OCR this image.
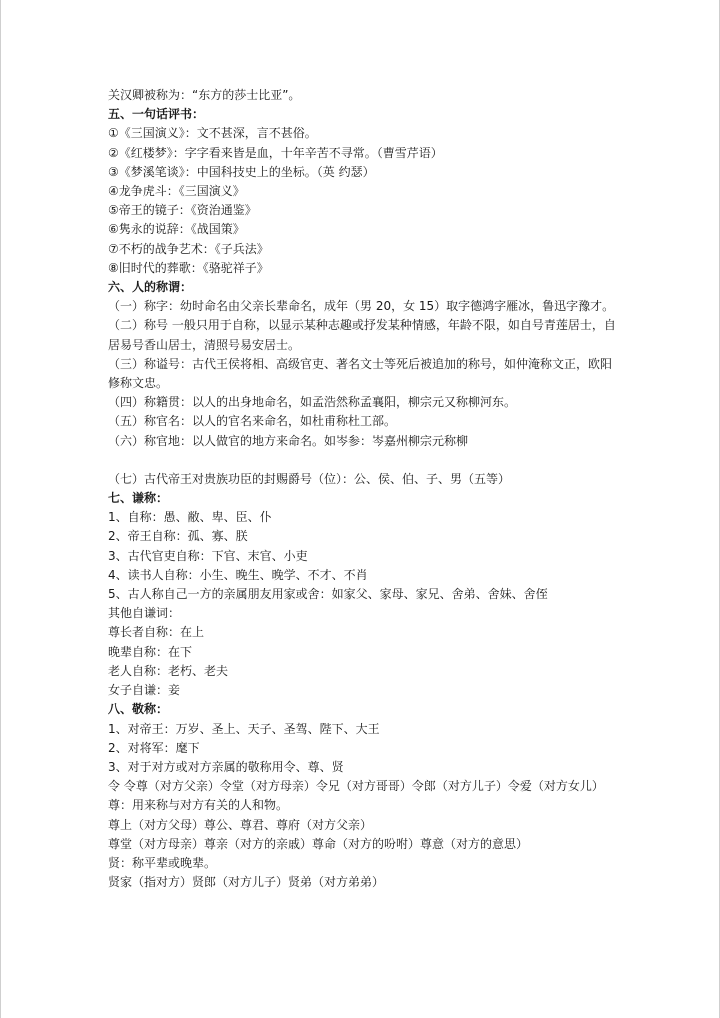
关汉卿被称为：“东方的莎士比亚”。
五、一句话评书：
①《三国演义》：文不甚深，言不甚俗。
②《红楼梦》：字字看来皆是血，十年辛苦不寻常。（曹雪芹语）
③《梦溪笔谈》：中国科技史上的坐标。（英 约瑟）
④龙争虎斗：《三国演义》
⑤帝王的镜子：《资治通鉴》
⑥隽永的说辞：《战国策》
⑦不朽的战争艺术：《子兵法》
⑧旧时代的葬歌：《骆驼祥子》
六、人的称谓：
（一）称字：幼时命名由父亲长辈命名，成年（男 20，女 15）取字德鸿字雁冰，鲁迅字豫才。
（二）称号 一般只用于自称，以显示某种志趣或抒发某种情感，年龄不限，如自号青莲居士，自居易号香山居士，清照号易安居士。
（三）称谥号：古代王侯将相、高级官吏、著名文士等死后被追加的称号，如仲淹称文正，欧阳修称文忠。
（四）称籍贯：以人的出身地命名，如孟浩然称孟襄阳，柳宗元又称柳河东。
（五）称官名：以人的官名来命名，如杜甫称杜工部。
（六）称官地：以人做官的地方来命名。如岑参：岑嘉州柳宗元称柳
（七）古代帝王对贵族功臣的封赐爵号（位）：公、侯、伯、子、男（五等）
七、谦称：
1、自称：愚、敝、卑、臣、仆
2、帝王自称：孤、寡、朕
3、古代官吏自称：下官、末官、小吏
4、读书人自称：小生、晚生、晚学、不才、不肖
5、古人称自己一方的亲属朋友用家或舍：如家父、家母、家兄、舍弟、舍妹、舍侄
其他自谦词：
尊长者自称：在上
晚辈自称：在下
老人自称：老朽、老夫
女子自谦：妾
八、敬称：
1、对帝王：万岁、圣上、天子、圣驾、陛下、大王
2、对将军：麾下
3、对于对方或对方亲属的敬称用令、尊、贤
令 令尊（对方父亲）令堂（对方母亲）令兄（对方哥哥）令郎（对方儿子）令爱（对方女儿）
尊：用来称与对方有关的人和物。
尊上（对方父母）尊公、尊君、尊府（对方父亲）
尊堂（对方母亲）尊亲（对方的亲戚）尊命（对方的吩咐）尊意（对方的意思）
贤：称平辈或晚辈。
贤家（指对方）贤郎（对方儿子）贤弟（对方弟弟）
